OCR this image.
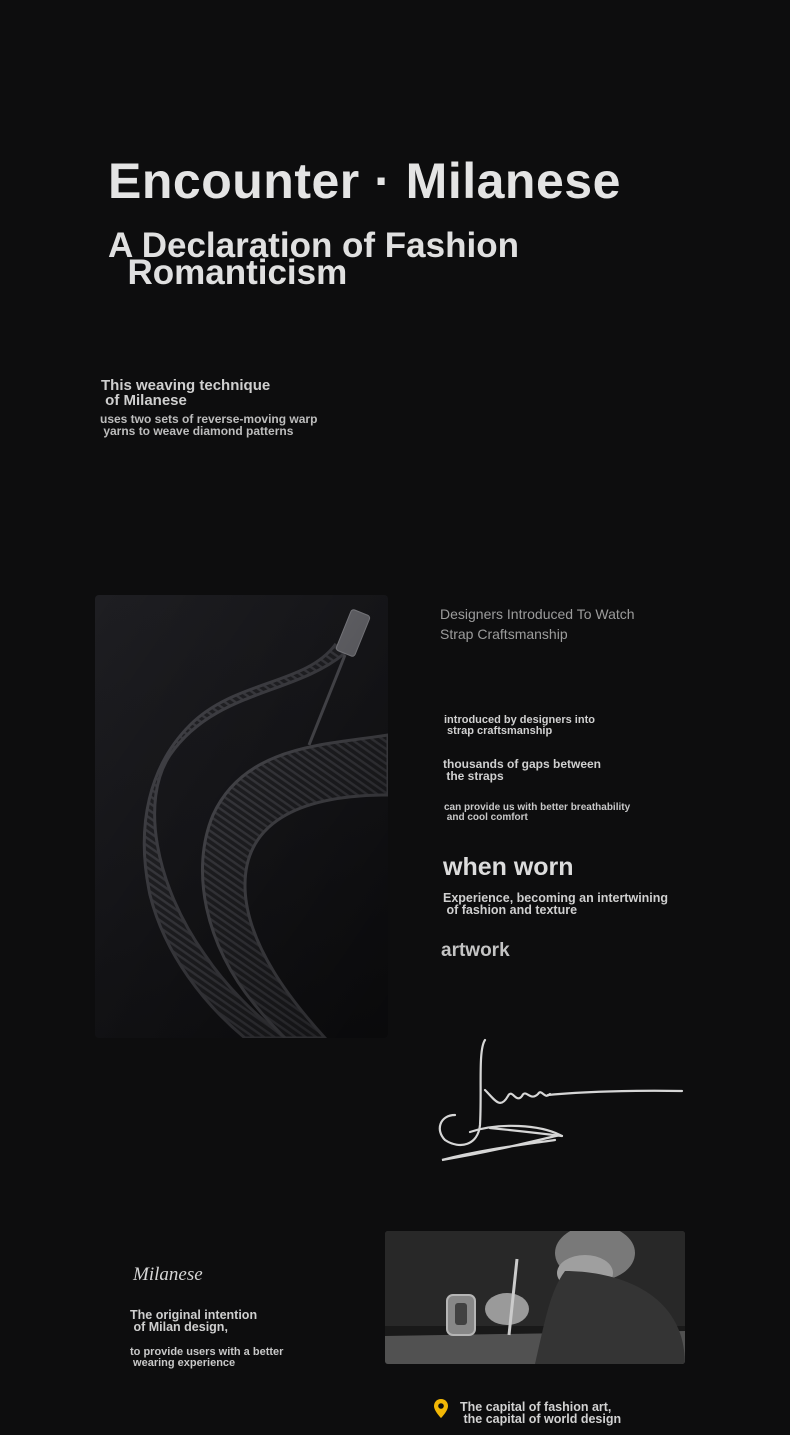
Encounter · Milanese
A Declaration of Fashion
Romanticism
This weaving technique
of Milanese
uses two sets of reverse-moving warp
yarns to weave diamond patterns
Designers Introduced To Watch
Strap Craftsmanship
introduced by designers into
strap craftsmanship
thousands of gaps between
the straps
can provide us with better breathability
and cool comfort
when worn
Experience, becoming an intertwining
of fashion and texture
artwork
Milanese
The original intention
of Milan design,
to provide users with a better
wearing experience
The capital of fashion art,
the capital of world design
